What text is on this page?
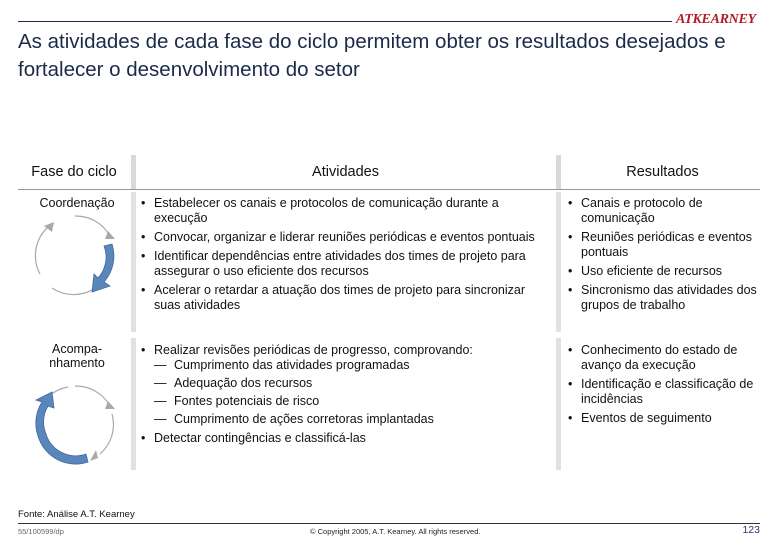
ATKEARNEY
As atividades de cada fase do ciclo permitem obter os resultados desejados e fortalecer o desenvolvimento do setor
Fase do ciclo	Atividades	Resultados
Coordenação
•	Estabelecer os canais e protocolos de comunicação durante a execução
• Convocar, organizar e liderar reuniões periódicas e eventos pontuais
• Identificar dependências entre atividades dos times de projeto para assegurar o uso eficiente dos recursos
• Acelerar o retardar a atuação dos times de projeto para sincronizar suas atividades
• Canais e protocolo de comunicação
• Reuniões periódicas e eventos pontuais
• Uso eficiente de recursos
• Sincronismo das atividades dos grupos de trabalho
Acompa-nhamento
• Realizar revisões periódicas de progresso, comprovando:
— Cumprimento das atividades programadas
— Adequação dos recursos
— Fontes potenciais de risco
— Cumprimento de ações corretoras implantadas
• Detectar contingências e classificá-las
• Conhecimento do estado de avanço da execução
• Identificação e classificação de incidências
• Eventos de seguimento
Fonte: Análise A.T. Kearney
55/100599/dp	© Copyright 2005, A.T. Kearney. All rights reserved.	123
